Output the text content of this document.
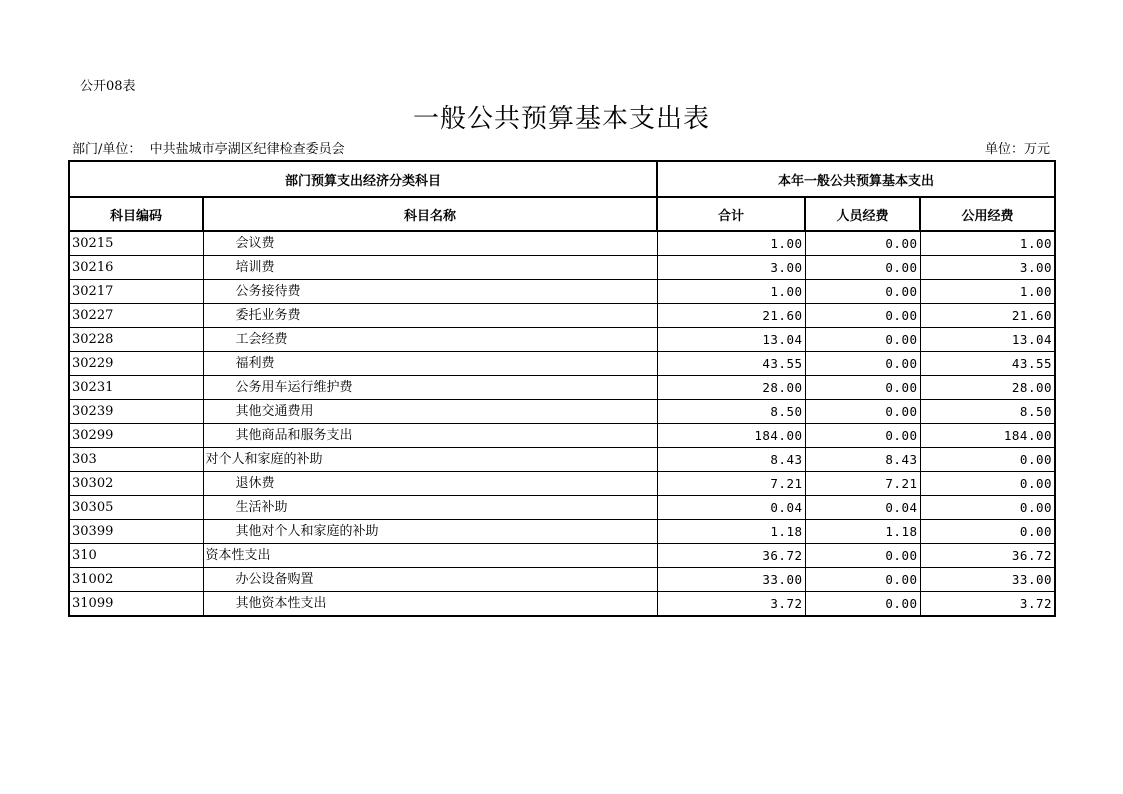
公开08表
一般公共预算基本支出表
部门/单位： 中共盐城市亭湖区纪律检查委员会	单位：万元
部门预算支出经济分类科目		本年一般公共预算基本支出		
科目编码	科目名称	合计	人员经费	公用经费
30215	会议费	1.00	0.00	1.00
30216	培训费	3.00	0.00	3.00
30217	公务接待费	1.00	0.00	1.00
30227	委托业务费	21.60	0.00	21.60
30228	工会经费	13.04	0.00	13.04
30229	福利费	43.55	0.00	43.55
30231	公务用车运行维护费	28.00	0.00	28.00
30239	其他交通费用	8.50	0.00	8.50
30299	其他商品和服务支出	184.00	0.00	184.00
303	对个人和家庭的补助	8.43	8.43	0.00
30302	退休费	7.21	7.21	0.00
30305	生活补助	0.04	0.04	0.00
30399	其他对个人和家庭的补助	1.18	1.18	0.00
310	资本性支出	36.72	0.00	36.72
31002	办公设备购置	33.00	0.00	33.00
31099	其他资本性支出	3.72	0.00	3.72
